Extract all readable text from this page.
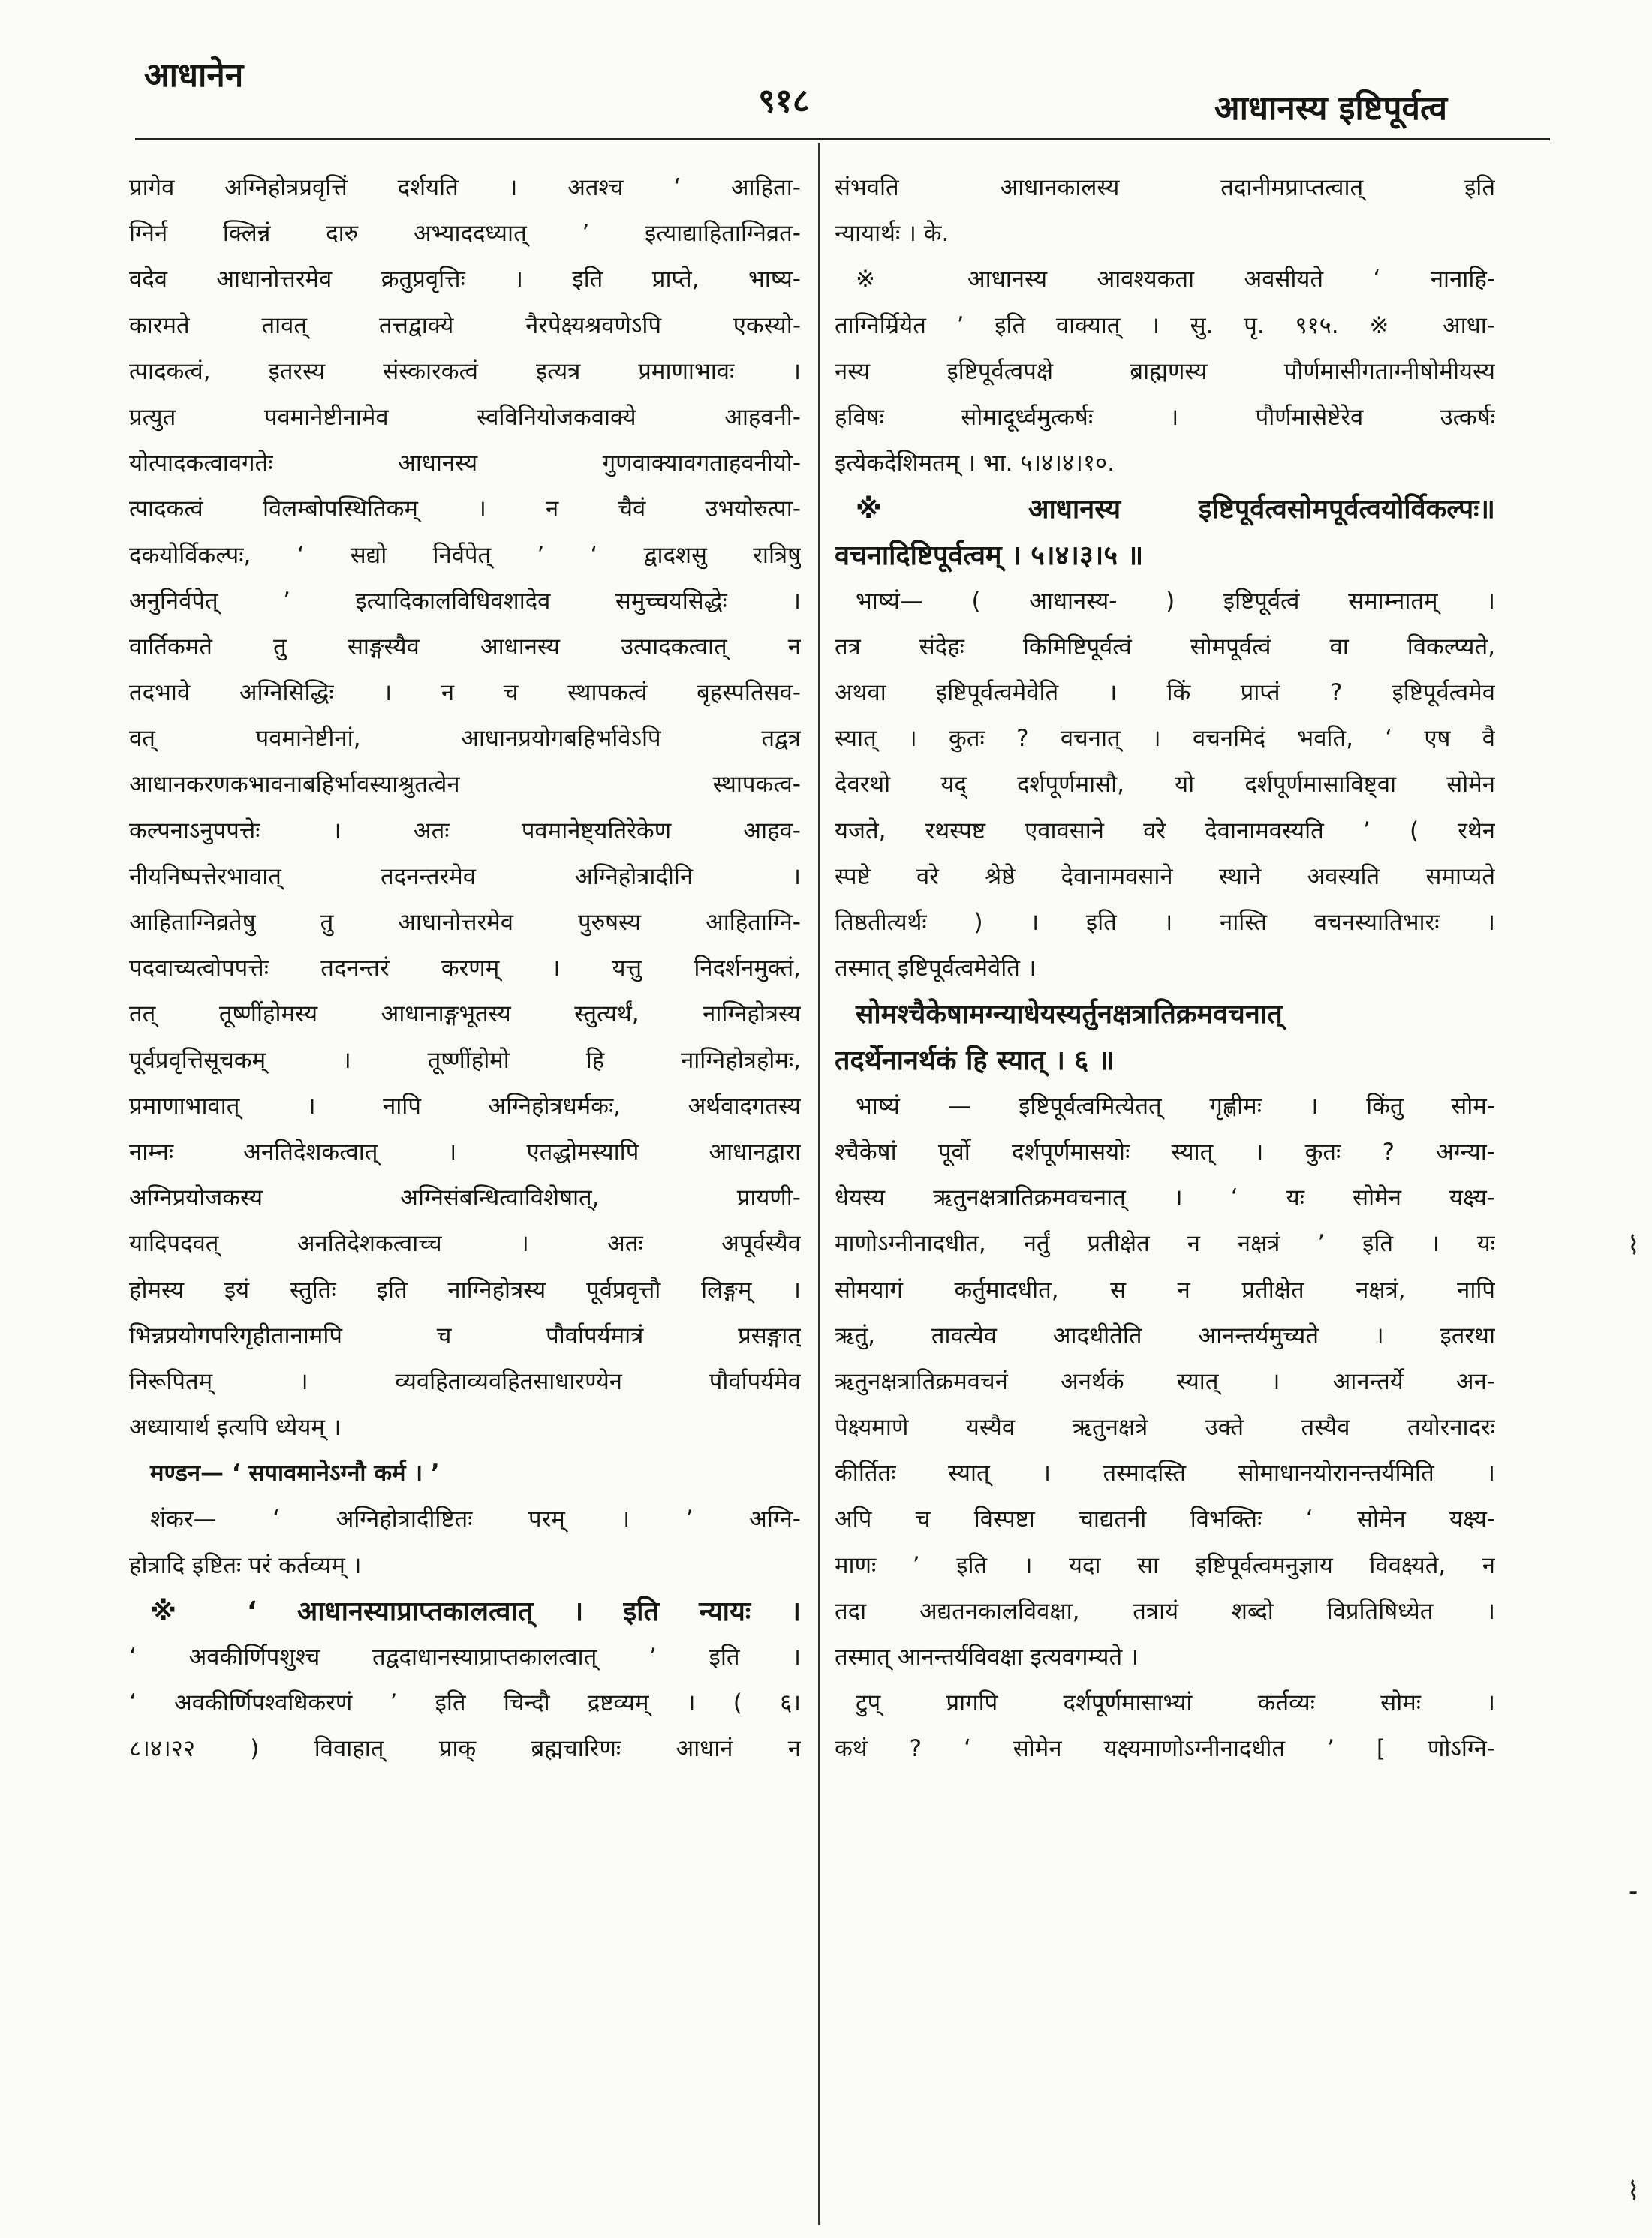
आधानेन
९१८	आधानस्य इष्टिपूर्वत्व
प्रागेव अग्निहोत्रप्रवृत्तिं दर्शयति । अतश्च ‘ आहिता-
ग्निर्न क्लिन्नं दारु अभ्याददध्यात् ’ इत्याद्याहिताग्निव्रत-
वदेव आधानोत्तरमेव क्रतुप्रवृत्तिः । इति प्राप्ते, भाष्य-
कारमते तावत् तत्तद्वाक्ये नैरपेक्ष्यश्रवणेऽपि एकस्यो-
त्पादकत्वं, इतरस्य संस्कारकत्वं इत्यत्र प्रमाणाभावः ।
प्रत्युत पवमानेष्टीनामेव स्वविनियोजकवाक्ये आहवनी-
योत्पादकत्वावगतेः आधानस्य गुणवाक्यावगताहवनीयो-
त्पादकत्वं विलम्बोपस्थितिकम् । न चैवं उभयोरुत्पा-
दकयोर्विकल्पः, ‘ सद्यो निर्वपेत् ’ ‘ द्वादशसु रात्रिषु
अनुनिर्वपेत् ’ इत्यादिकालविधिवशादेव समुच्चयसिद्धेः ।
वार्तिकमते तु साङ्गस्यैव आधानस्य उत्पादकत्वात् न
तदभावे अग्निसिद्धिः । न च स्थापकत्वं बृहस्पतिसव-
वत् पवमानेष्टीनां, आधानप्रयोगबहिर्भावेऽपि तद्वत्र
आधानकरणकभावनाबहिर्भावस्याश्रुतत्वेन स्थापकत्व-
कल्पनाऽनुपपत्तेः । अतः पवमानेष्ट्यतिरेकेण आहव-
नीयनिष्पत्तेरभावात् तदनन्तरमेव अग्निहोत्रादीनि ।
आहिताग्निव्रतेषु तु आधानोत्तरमेव पुरुषस्य आहिताग्नि-
पदवाच्यत्वोपपत्तेः तदनन्तरं करणम् । यत्तु निदर्शनमुक्तं,
तत् तूष्णींहोमस्य आधानाङ्गभूतस्य स्तुत्यर्थं, नाग्निहोत्रस्य
पूर्वप्रवृत्तिसूचकम् । तूष्णींहोमो हि नाग्निहोत्रहोमः,
प्रमाणाभावात् । नापि अग्निहोत्रधर्मकः, अर्थवादगतस्य
नाम्नः अनतिदेशकत्वात् । एतद्धोमस्यापि आधानद्वारा
अग्निप्रयोजकस्य अग्निसंबन्धित्वाविशेषात्, प्रायणी-
यादिपदवत् अनतिदेशकत्वाच्च । अतः अपूर्वस्यैव
होमस्य इयं स्तुतिः इति नाग्निहोत्रस्य पूर्वप्रवृत्तौ लिङ्गम् ।
भिन्नप्रयोगपरिगृहीतानामपि च पौर्वापर्यमात्रं प्रसङ्गात्
निरूपितम् । व्यवहिताव्यवहितसाधारण्येन पौर्वापर्यमेव
अध्यायार्थ इत्यपि ध्येयम् ।
मण्डन— ‘ सपावमानेऽग्नौ कर्म । ’
शंकर— ‘ अग्निहोत्रादीष्टितः परम् । ’ अग्नि-
होत्रादि इष्टितः परं कर्तव्यम् ।
※ ‘ आधानस्याप्राप्तकालत्वात् । इति न्यायः ।
‘ अवकीर्णिपशुश्च तद्वदाधानस्याप्राप्तकालत्वात् ’ इति ।
‘ अवकीर्णिपश्वधिकरणं ’ इति चिन्दौ द्रष्टव्यम् । ( ६।
८।४।२२ ) विवाहात् प्राक् ब्रह्मचारिणः आधानं न
संभवति आधानकालस्य तदानीमप्राप्तत्वात् इति
न्यायार्थः । के.
※ आधानस्य आवश्यकता अवसीयते ‘ नानाहि-
ताग्निर्म्रियेत ’ इति वाक्यात् । सु. पृ. ९१५. ※ आधा-
नस्य इष्टिपूर्वत्वपक्षे ब्राह्मणस्य पौर्णमासीगताग्नीषोमीयस्य
हविषः सोमादूर्ध्वमुत्कर्षः । पौर्णमासेष्टेरेव उत्कर्षः
इत्येकदेशिमतम् । भा. ५।४।४।१०.
※ आधानस्य इष्टिपूर्वत्वसोमपूर्वत्वयोर्विकल्पः॥
वचनादिष्टिपूर्वत्वम् । ५।४।३।५ ॥
भाष्यं— ( आधानस्य- ) इष्टिपूर्वत्वं समाम्नातम् ।
तत्र संदेहः किमिष्टिपूर्वत्वं सोमपूर्वत्वं वा विकल्प्यते,
अथवा इष्टिपूर्वत्वमेवेति । किं प्राप्तं ? इष्टिपूर्वत्वमेव
स्यात् । कुतः ? वचनात् । वचनमिदं भवति, ‘ एष वै
देवरथो यद् दर्शपूर्णमासौ, यो दर्शपूर्णमासाविष्ट्वा सोमेन
यजते, रथस्पष्ट एवावसाने वरे देवानामवस्यति ’ ( रथेन
स्पष्टे वरे श्रेष्ठे देवानामवसाने स्थाने अवस्यति समाप्यते
तिष्ठतीत्यर्थः ) । इति । नास्ति वचनस्यातिभारः ।
तस्मात् इष्टिपूर्वत्वमेवेति ।
सोमश्चैकेषामग्न्याधेयस्यर्तुनक्षत्रातिक्रमवचनात्
तदर्थेनानर्थकं हि स्यात् । ६ ॥
भाष्यं — इष्टिपूर्वत्वमित्येतत् गृह्णीमः । किंतु सोम-
श्चैकेषां पूर्वो दर्शपूर्णमासयोः स्यात् । कुतः ? अग्न्या-
धेयस्य ऋतुनक्षत्रातिक्रमवचनात् । ‘ यः सोमेन यक्ष्य-
माणोऽग्नीनादधीत, नर्तुं प्रतीक्षेत न नक्षत्रं ’ इति । यः
सोमयागं कर्तुमादधीत, स न प्रतीक्षेत नक्षत्रं, नापि
ऋतुं, तावत्येव आदधीतेति आनन्तर्यमुच्यते । इतरथा
ऋतुनक्षत्रातिक्रमवचनं अनर्थकं स्यात् । आनन्तर्ये अन-
पेक्ष्यमाणे यस्यैव ऋतुनक्षत्रे उक्ते तस्यैव तयोरनादरः
कीर्तितः स्यात् । तस्मादस्ति सोमाधानयोरानन्तर्यमिति ।
अपि च विस्पष्टा चाद्यतनी विभक्तिः ‘ सोमेन यक्ष्य-
माणः ’ इति । यदा सा इष्टिपूर्वत्वमनुज्ञाय विवक्ष्यते, न
तदा अद्यतनकालविवक्षा, तत्रायं शब्दो विप्रतिषिध्येत ।
तस्मात् आनन्तर्यविवक्षा इत्यवगम्यते ।
टुप् प्रागपि दर्शपूर्णमासाभ्यां कर्तव्यः सोमः ।
कथं ? ‘ सोमेन यक्ष्यमाणोऽग्नीनादधीत ’ [ णोऽग्नि-
⌇
-
⌇
